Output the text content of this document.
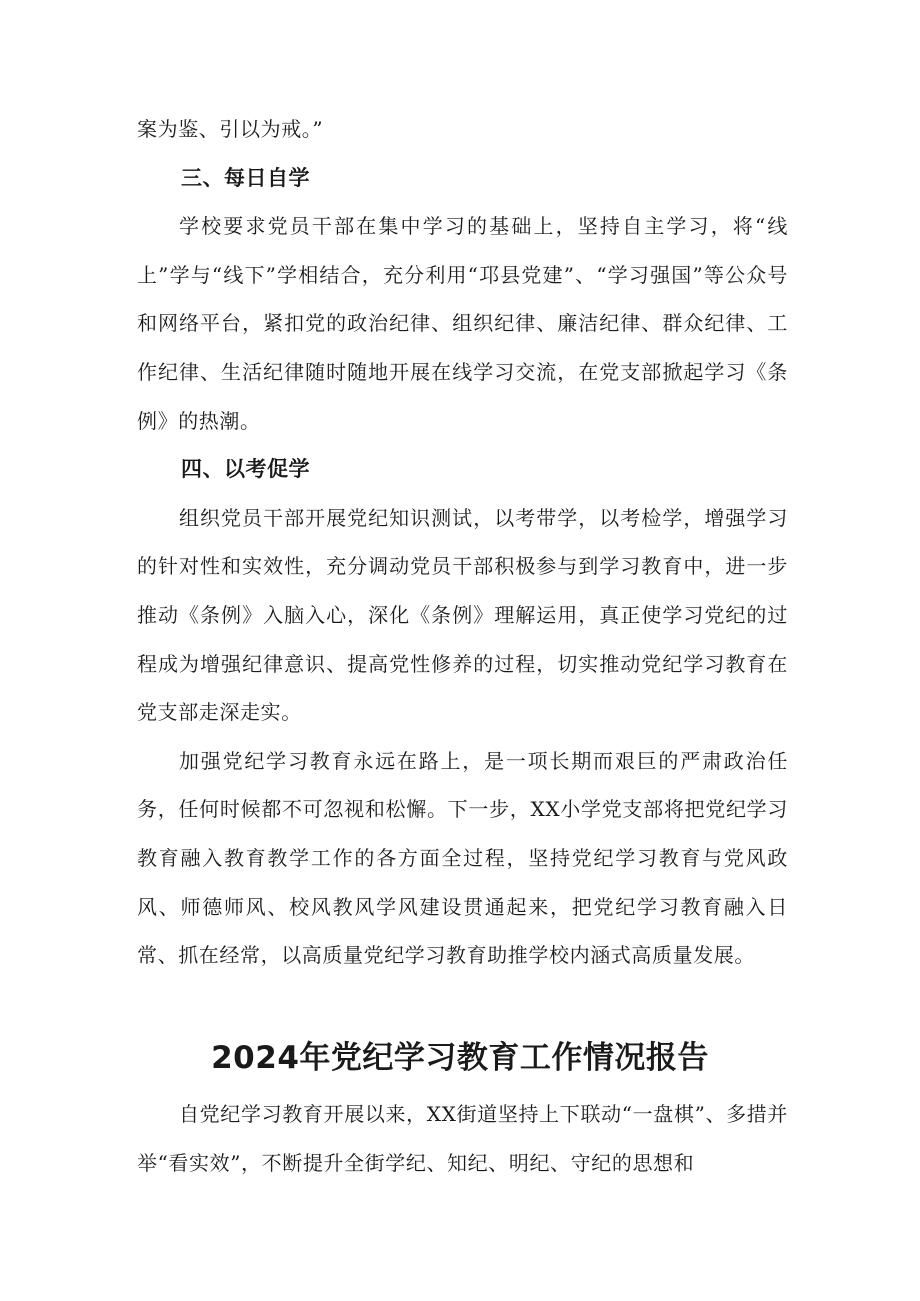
案为鉴、引以为戒。”

三、每日自学

学校要求党员干部在集中学习的基础上，坚持自主学习，将“线上”学与“线下”学相结合，充分利用“邛县党建”、“学习强国”等公众号和网络平台，紧扣党的政治纪律、组织纪律、廉洁纪律、群众纪律、工作纪律、生活纪律随时随地开展在线学习交流，在党支部掀起学习《条例》的热潮。

四、以考促学

组织党员干部开展党纪知识测试，以考带学，以考检学，增强学习的针对性和实效性，充分调动党员干部积极参与到学习教育中，进一步推动《条例》入脑入心，深化《条例》理解运用，真正使学习党纪的过程成为增强纪律意识、提高党性修养的过程，切实推动党纪学习教育在党支部走深走实。

加强党纪学习教育永远在路上，是一项长期而艰巨的严肃政治任务，任何时候都不可忽视和松懈。下一步，XX小学党支部将把党纪学习教育融入教育教学工作的各方面全过程，坚持党纪学习教育与党风政风、师德师风、校风教风学风建设贯通起来，把党纪学习教育融入日常、抓在经常，以高质量党纪学习教育助推学校内涵式高质量发展。

2024年党纪学习教育工作情况报告

自党纪学习教育开展以来，XX街道坚持上下联动“一盘棋”、多措并举“看实效”，不断提升全街学纪、知纪、明纪、守纪的思想和
